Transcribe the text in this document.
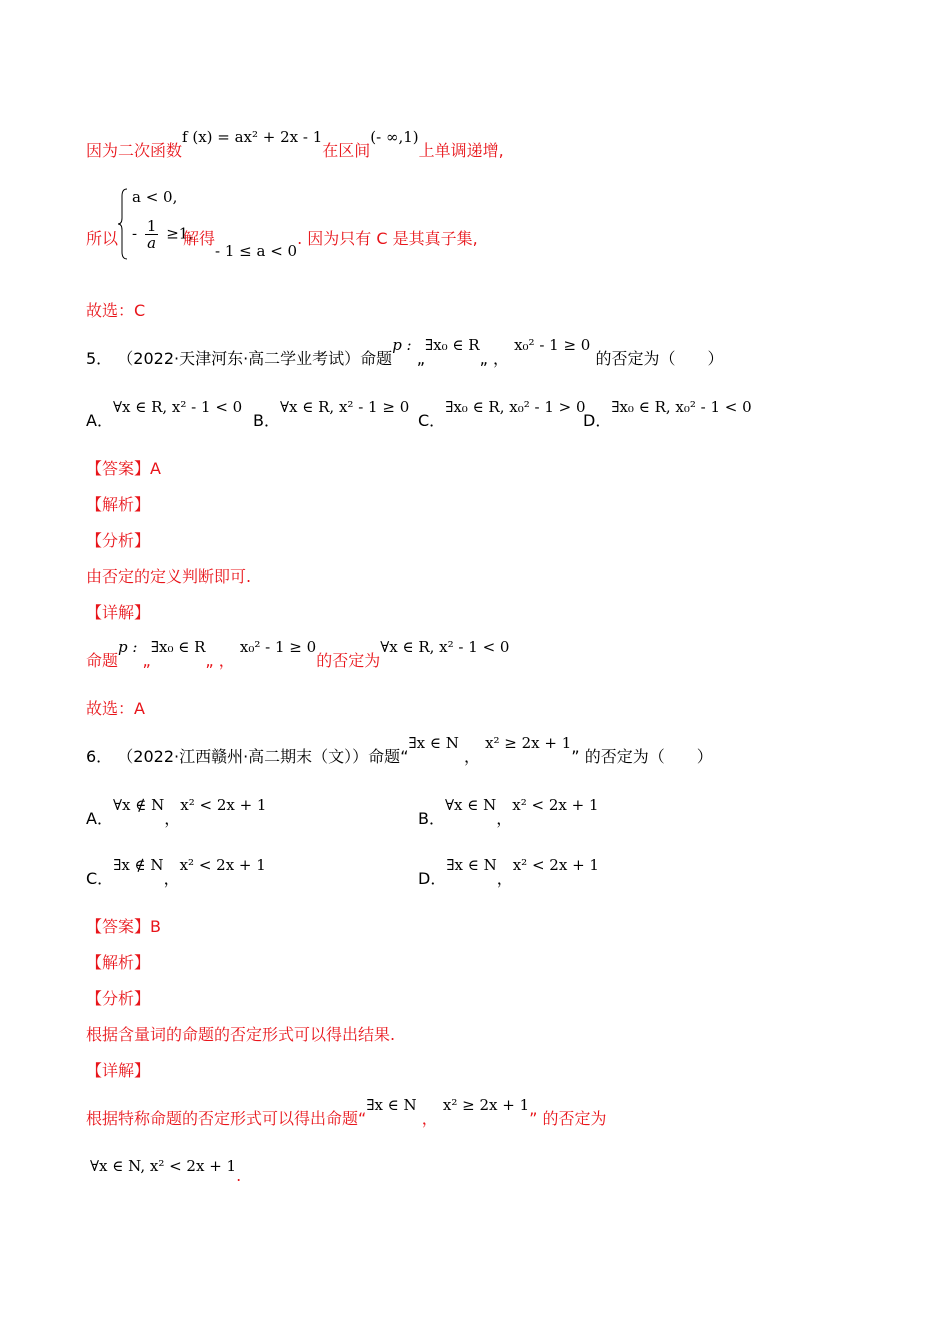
因为二次函数f (x) = ax² + 2x - 1在区间(- ∞,1)上单调递增,
所以
a < 0,
- $\frac{1}{a} \ge 1$,
解得- 1 ≤ a < 0. 因为只有 C 是其真子集,
故选：C
5． （2022·天津河东·高二学业考试）命题p : „∃x₀ ∈ R„ ， x₀² - 1 ≥ 0 的否定为（　　）
A．∀x ∈ R, x² - 1 < 0
B．∀x ∈ R, x² - 1 ≥ 0
C．∃x₀ ∈ R, x₀² - 1 > 0
D．∃x₀ ∈ R, x₀² - 1 < 0
【答案】A
【解析】
【分析】
由否定的定义判断即可.
【详解】
命题p : „∃x₀ ∈ R„ ， x₀² - 1 ≥ 0的否定为∀x ∈ R, x² - 1 < 0
故选：A
6． （2022·江西赣州·高二期末（文））命题“∃x ∈ N ， x² ≥ 2x + 1” 的否定为（　　）
A．∀x ∉ N，x² < 2x + 1
B．∀x ∈ N，x² < 2x + 1
C．∃x ∉ N，x² < 2x + 1
D．∃x ∈ N，x² < 2x + 1
【答案】B
【解析】
【分析】
根据含量词的命题的否定形式可以得出结果.
【详解】
根据特称命题的否定形式可以得出命题“∃x ∈ N ， x² ≥ 2x + 1” 的否定为
∀x ∈ N, x² < 2x + 1.
